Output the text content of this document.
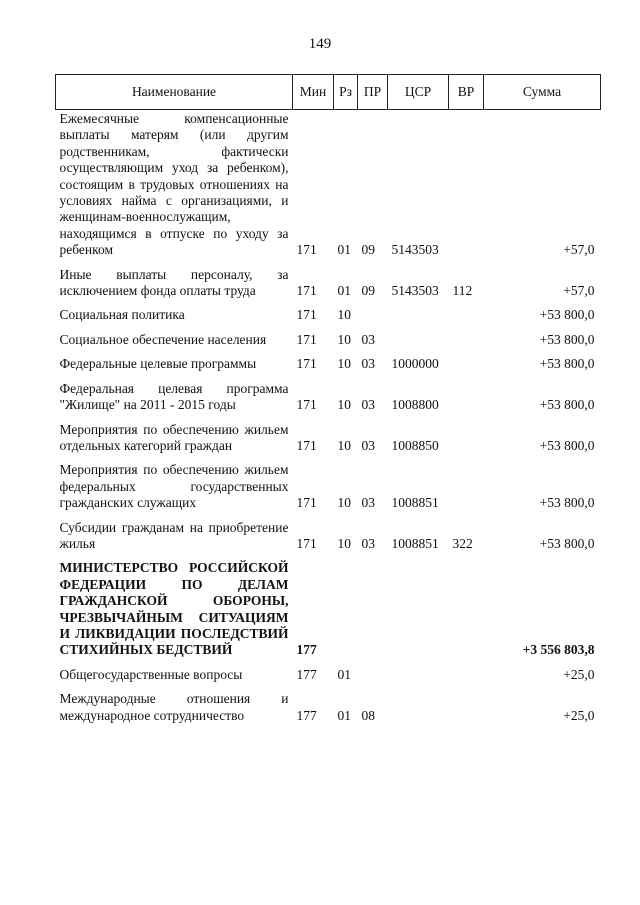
149
Наименование	Мин	Рз	ПР	ЦСР	ВР	Сумма
Ежемесячные компенсационные выплаты матерям (или другим родственникам, фактически осуществляющим уход за ребенком), состоящим в трудовых отношениях на условиях найма с организациями, и женщинам-военнослужащим, находящимся в отпуске по уходу за ребенком	171	01	09	5143503		+57,0
Иные выплаты персоналу, за исключением фонда оплаты труда	171	01	09	5143503	112	+57,0
Социальная политика	171	10				+53 800,0
Социальное обеспечение населения	171	10	03			+53 800,0
Федеральные целевые программы	171	10	03	1000000		+53 800,0
Федеральная целевая программа "Жилище" на 2011 - 2015 годы	171	10	03	1008800		+53 800,0
Мероприятия по обеспечению жильем отдельных категорий граждан	171	10	03	1008850		+53 800,0
Мероприятия по обеспечению жильем федеральных государственных гражданских служащих	171	10	03	1008851		+53 800,0
Субсидии гражданам на приобретение жилья	171	10	03	1008851	322	+53 800,0
МИНИСТЕРСТВО РОССИЙСКОЙ ФЕДЕРАЦИИ ПО ДЕЛАМ ГРАЖДАНСКОЙ ОБОРОНЫ, ЧРЕЗВЫЧАЙНЫМ СИТУАЦИЯМ И ЛИКВИДАЦИИ ПОСЛЕДСТВИЙ СТИХИЙНЫХ БЕДСТВИЙ	177					+3 556 803,8
Общегосударственные вопросы	177	01				+25,0
Международные отношения и международное сотрудничество	177	01	08			+25,0
